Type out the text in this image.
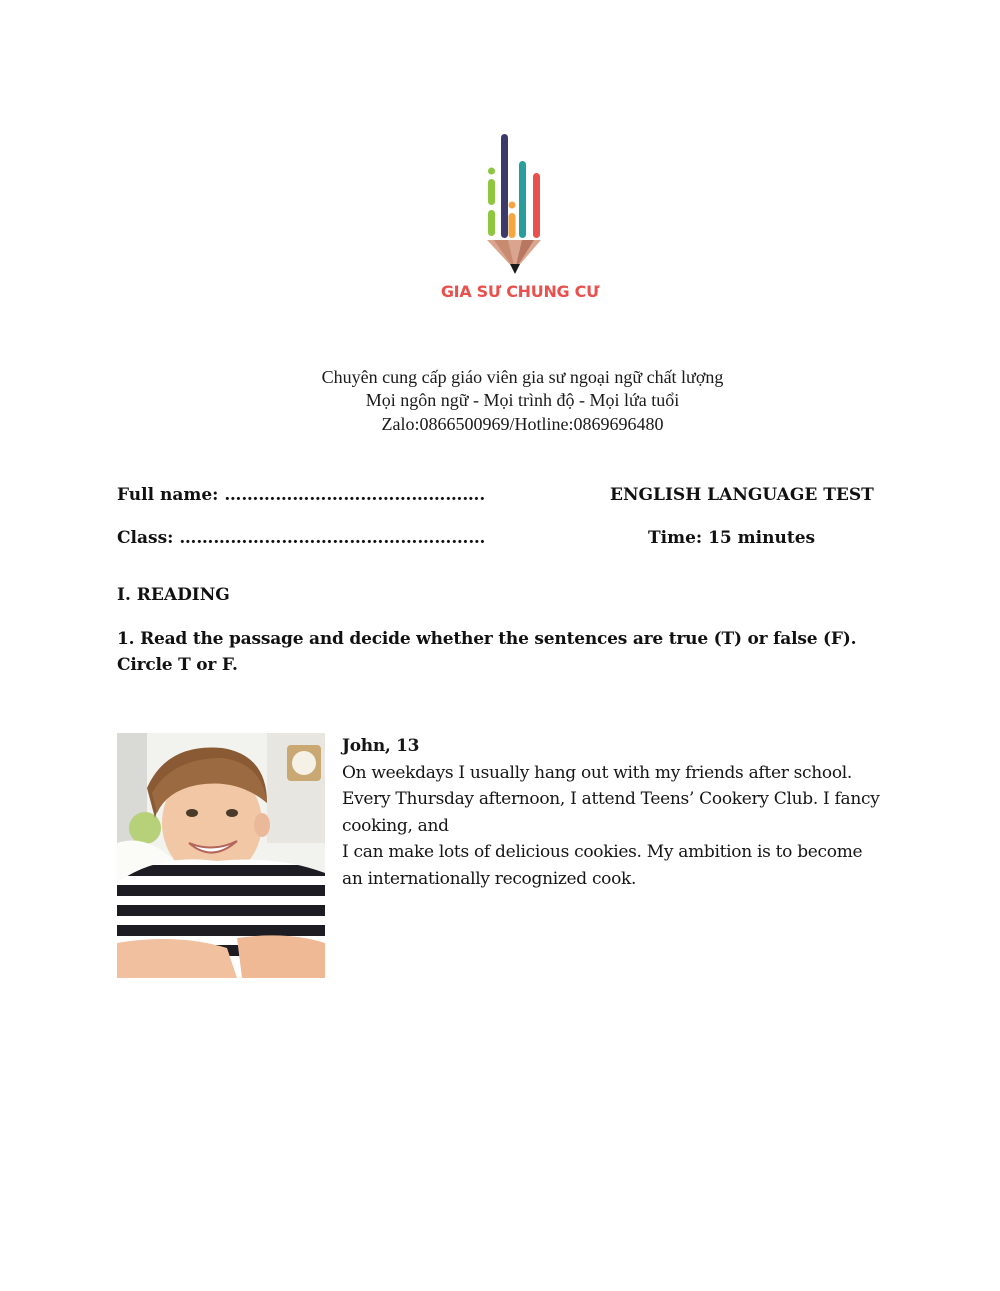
GIA SƯ CHUNG CƯ
Chuyên cung cấp giáo viên gia sư ngoại ngữ chất lượng
Mọi ngôn ngữ - Mọi trình độ - Mọi lứa tuổi
Zalo:0866500969/Hotline:0869696480
Full name: ……………………………………….	ENGLISH LANGUAGE TEST
Class: ………………………………………………	Time: 15 minutes
I. READING
1. Read the passage and decide whether the sentences are true (T) or false (F). Circle T or F.
John, 13
On weekdays I usually hang out with my friends after school.
Every Thursday afternoon, I attend Teens’ Cookery Club. I fancy
cooking, and
I can make lots of delicious cookies. My ambition is to become
an internationally recognized cook.
